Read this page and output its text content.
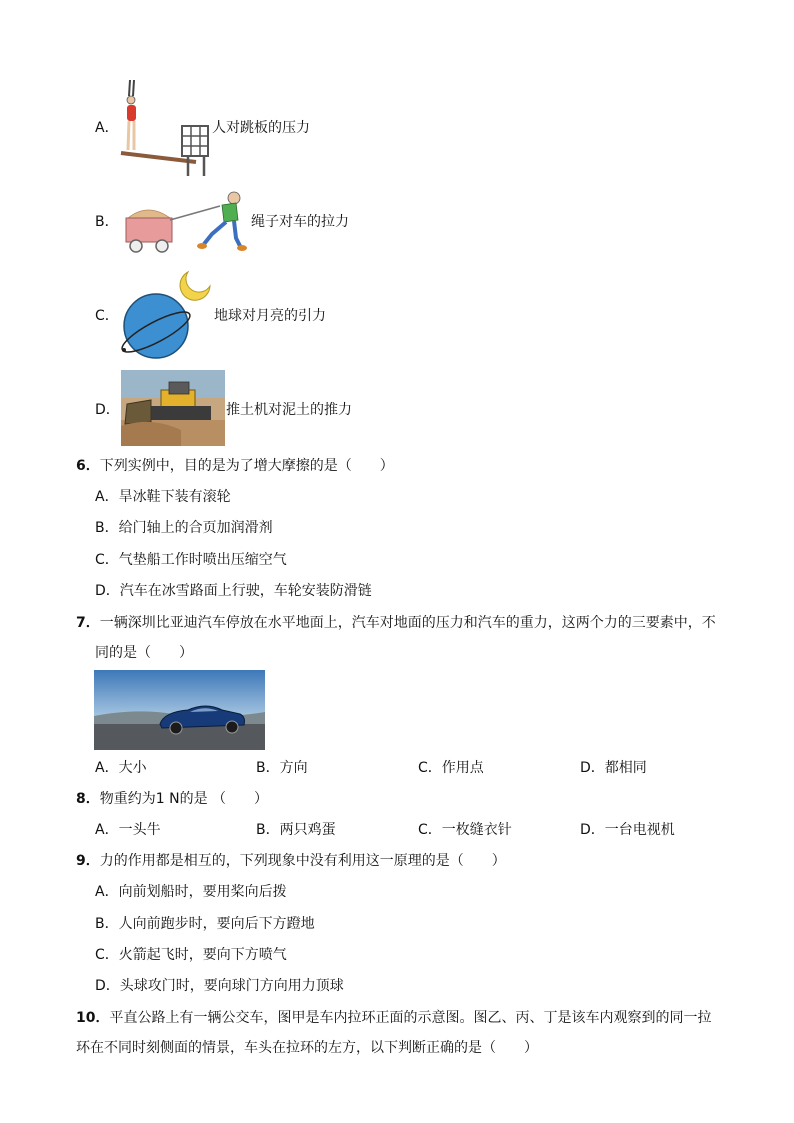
A．	人对跳板的压力
B．	绳子对车的拉力
C．	地球对月亮的引力
D．	推土机对泥土的推力
6．下列实例中，目的是为了增大摩擦的是（　　）
A．旱冰鞋下装有滚轮
B．给门轴上的合页加润滑剂
C．气垫船工作时喷出压缩空气
D．汽车在冰雪路面上行驶，车轮安装防滑链
7．一辆深圳比亚迪汽车停放在水平地面上，汽车对地面的压力和汽车的重力，这两个力的三要素中，不
同的是（　　）
A．大小	B．方向	C．作用点	D．都相同
8．物重约为1 N的是 （　　）
A．一头牛	B．两只鸡蛋	C．一枚缝衣针	D．一台电视机
9．力的作用都是相互的，下列现象中没有利用这一原理的是（　　）
A．向前划船时，要用桨向后拨
B．人向前跑步时，要向后下方蹬地
C．火箭起飞时，要向下方喷气
D．头球攻门时，要向球门方向用力顶球
10．平直公路上有一辆公交车，图甲是车内拉环正面的示意图。图乙、丙、丁是该车内观察到的同一拉
环在不同时刻侧面的情景，车头在拉环的左方，以下判断正确的是（　　）
